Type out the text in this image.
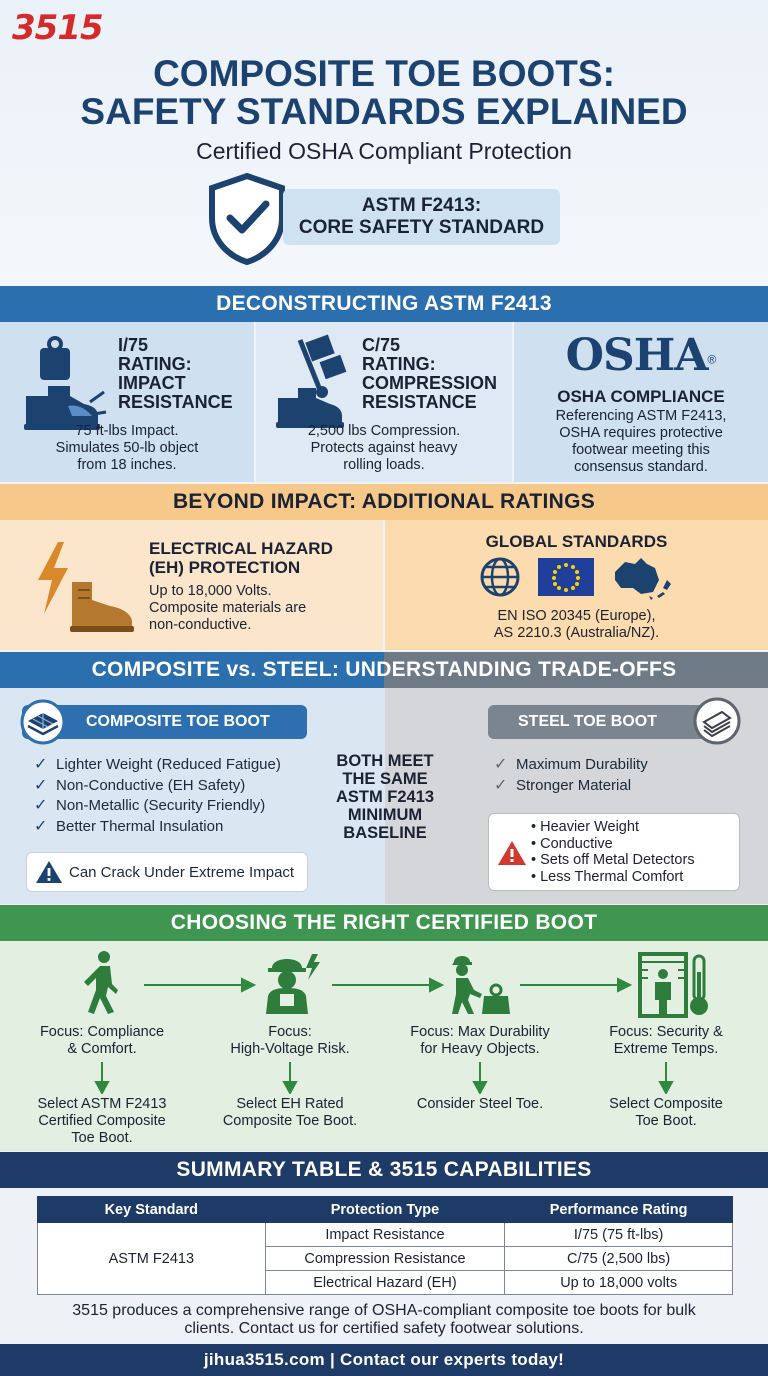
3515
COMPOSITE TOE BOOTS:
SAFETY STANDARDS EXPLAINED
Certified OSHA Compliant Protection
ASTM F2413:
CORE SAFETY STANDARD
DECONSTRUCTING ASTM F2413
I/75
RATING:
IMPACT
RESISTANCE
75 ft-lbs Impact.
Simulates 50-lb object
from 18 inches.
C/75
RATING:
COMPRESSION
RESISTANCE
2,500 lbs Compression.
Protects against heavy
rolling loads.
OSHA®
OSHA COMPLIANCE
Referencing ASTM F2413,
OSHA requires protective
footwear meeting this
consensus standard.
BEYOND IMPACT: ADDITIONAL RATINGS
ELECTRICAL HAZARD
(EH) PROTECTION
Up to 18,000 Volts.
Composite materials are
non-conductive.
GLOBAL STANDARDS
EN ISO 20345 (Europe),
AS 2210.3 (Australia/NZ).
COMPOSITE vs. STEEL: UNDERSTANDING TRADE-OFFS
COMPOSITE TOE BOOT
✓ Lighter Weight (Reduced Fatigue)
✓ Non-Conductive (EH Safety)
✓ Non-Metallic (Security Friendly)
✓ Better Thermal Insulation
Can Crack Under Extreme Impact
BOTH MEET
THE SAME
ASTM F2413
MINIMUM
BASELINE
STEEL TOE BOOT
✓ Maximum Durability
✓ Stronger Material
• Heavier Weight
• Conductive
• Sets off Metal Detectors
• Less Thermal Comfort
CHOOSING THE RIGHT CERTIFIED BOOT
Focus: Compliance
& Comfort.
Focus:
High-Voltage Risk.
Focus: Max Durability
for Heavy Objects.
Focus: Security &
Extreme Temps.
Select ASTM F2413
Certified Composite
Toe Boot.
Select EH Rated
Composite Toe Boot.
Consider Steel Toe.	Select Composite
Toe Boot.
SUMMARY TABLE & 3515 CAPABILITIES
Key Standard	Protection Type	Performance Rating
ASTM F2413	Impact Resistance	I/75 (75 ft-lbs)
	Compression Resistance	C/75 (2,500 lbs)
	Electrical Hazard (EH)	Up to 18,000 volts
3515 produces a comprehensive range of OSHA-compliant composite toe boots for bulk
clients. Contact us for certified safety footwear solutions.
jihua3515.com | Contact our experts today!
